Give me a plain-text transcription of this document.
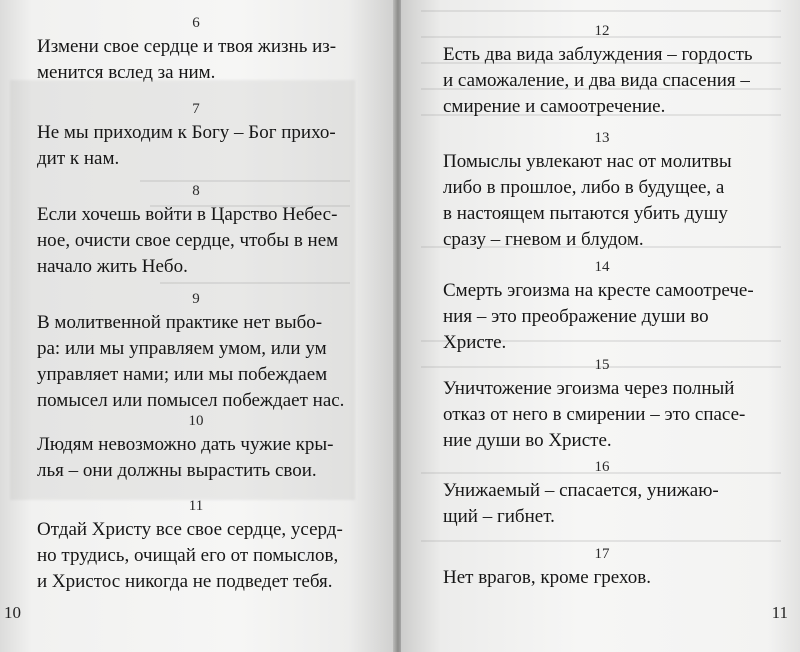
6

Измени свое сердце и твоя жизнь из-
менится вслед за ним.

7

Не мы приходим к Богу – Бог прихо-
дит к нам.

8

Если хочешь войти в Царство Небес-
ное, очисти свое сердце, чтобы в нем
начало жить Небо.

9

В молитвенной практике нет выбо-
ра: или мы управляем умом, или ум
управляет нами; или мы побеждаем
помысел или помысел побеждает нас.

10

Людям невозможно дать чужие кры-
лья – они должны вырастить свои.

11

Отдай Христу все свое сердце, усерд-
но трудись, очищай его от помыслов,
и Христос никогда не подведет тебя.

10

12

Есть два вида заблуждения – гордость
и саможаление, и два вида спасения –
смирение и самоотречение.

13

Помыслы увлекают нас от молитвы
либо в прошлое, либо в будущее, а
в настоящем пытаются убить душу
сразу – гневом и блудом.

14

Смерть эгоизма на кресте самоотрече-
ния – это преображение души во
Христе.

15

Уничтожение эгоизма через полный
отказ от него в смирении – это спасе-
ние души во Христе.

16

Унижаемый – спасается, унижаю-
щий – гибнет.

17

Нет врагов, кроме грехов.

11
